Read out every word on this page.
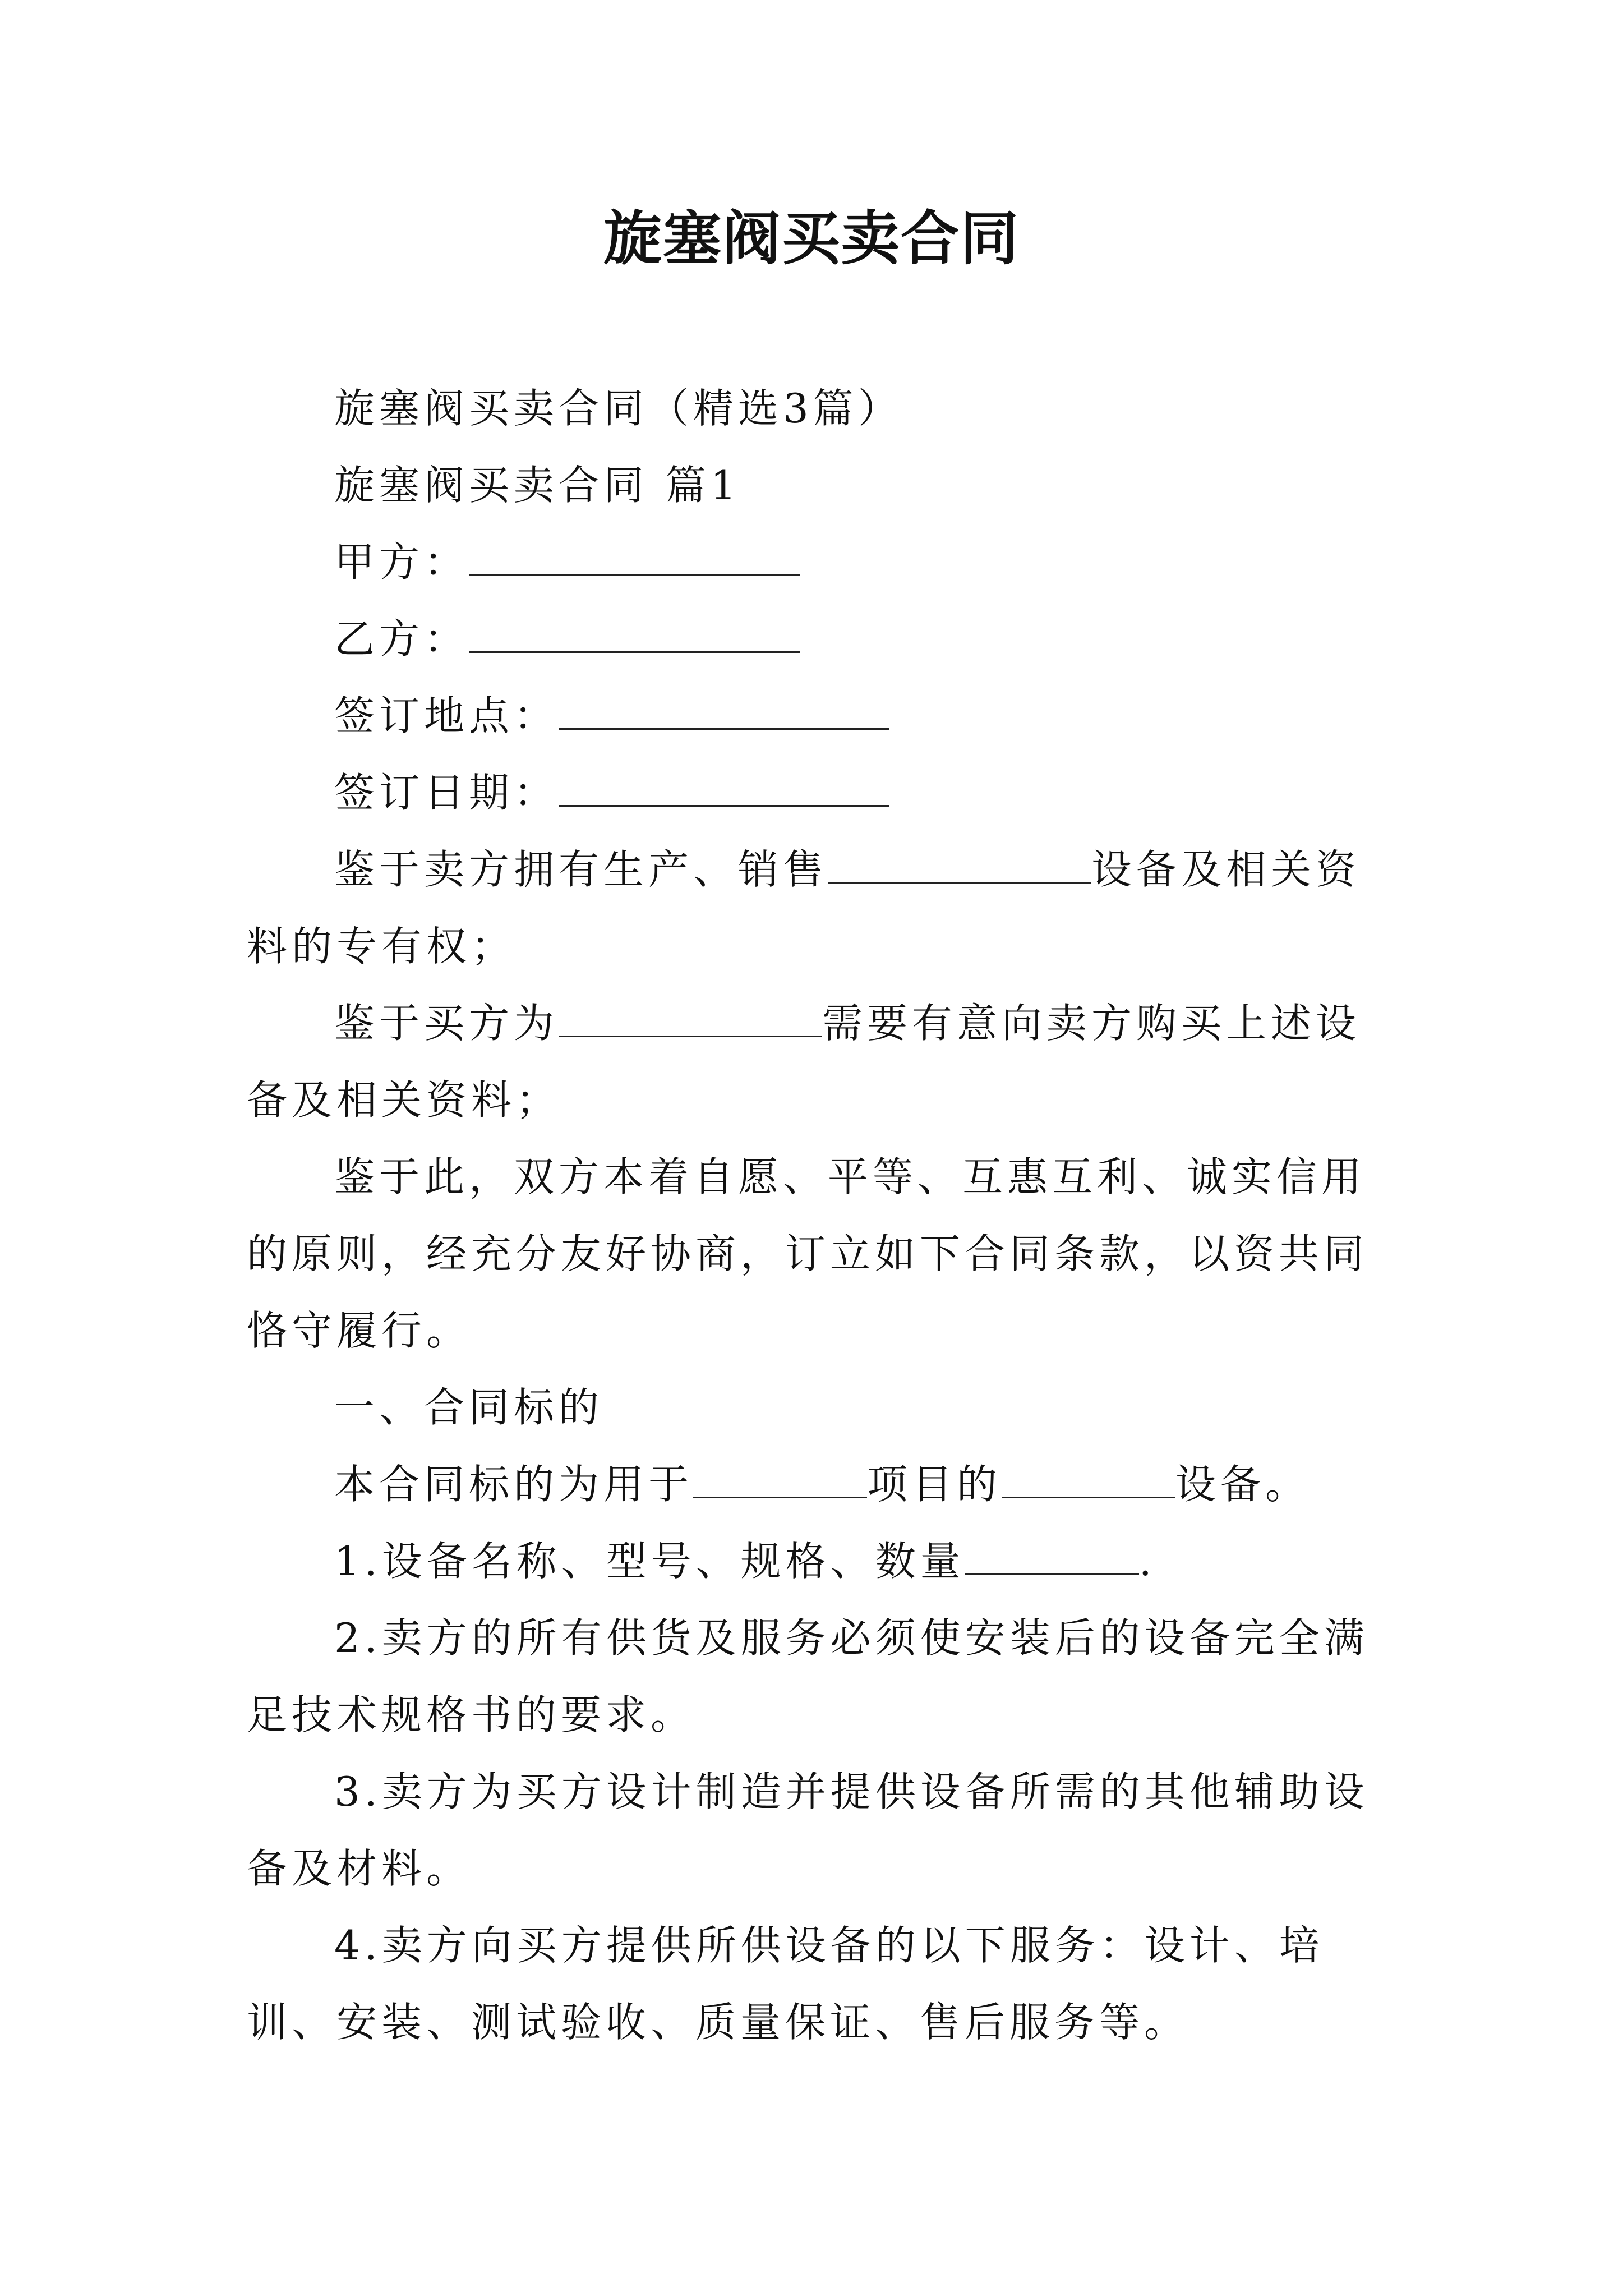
旋塞阀买卖合同

旋塞阀买卖合同（精选3篇）

旋塞阀买卖合同 篇1

甲方：

乙方：

签订地点：

签订日期：

鉴于卖方拥有生产、销售	设备及相关资料的专有权；

鉴于买方为	需要有意向卖方购买上述设备及相关资料；

鉴于此，双方本着自愿、平等、互惠互利、诚实信用的原则，经充分友好协商，订立如下合同条款，以资共同恪守履行。

一、合同标的

本合同标的为用于	项目的	设备。

1.设备名称、型号、规格、数量	.

2.卖方的所有供货及服务必须使安装后的设备完全满足技术规格书的要求。

3.卖方为买方设计制造并提供设备所需的其他辅助设备及材料。

4.卖方向买方提供所供设备的以下服务：设计、培训、安装、测试验收、质量保证、售后服务等。
